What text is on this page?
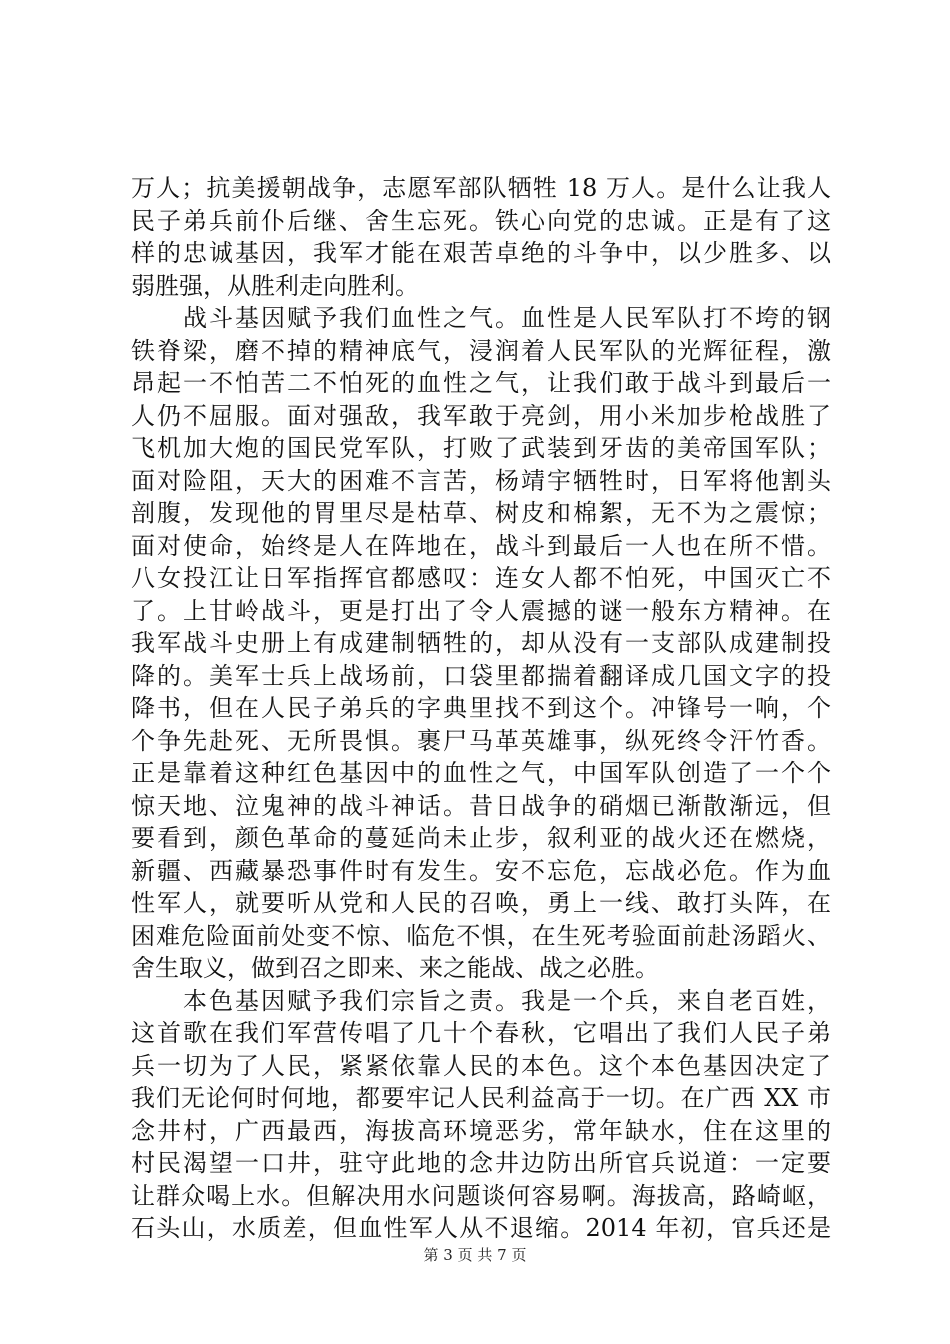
万人；抗美援朝战争，志愿军部队牺牲 18 万人。是什么让我人
民子弟兵前仆后继、舍生忘死。铁心向党的忠诚。正是有了这
样的忠诚基因，我军才能在艰苦卓绝的斗争中，以少胜多、以
弱胜强，从胜利走向胜利。
　　战斗基因赋予我们血性之气。血性是人民军队打不垮的钢
铁脊梁，磨不掉的精神底气，浸润着人民军队的光辉征程，激
昂起一不怕苦二不怕死的血性之气，让我们敢于战斗到最后一
人仍不屈服。面对强敌，我军敢于亮剑，用小米加步枪战胜了
飞机加大炮的国民党军队，打败了武装到牙齿的美帝国军队；
面对险阻，天大的困难不言苦，杨靖宇牺牲时，日军将他割头
剖腹，发现他的胃里尽是枯草、树皮和棉絮，无不为之震惊；
面对使命，始终是人在阵地在，战斗到最后一人也在所不惜。
八女投江让日军指挥官都感叹：连女人都不怕死，中国灭亡不
了。上甘岭战斗，更是打出了令人震撼的谜一般东方精神。在
我军战斗史册上有成建制牺牲的，却从没有一支部队成建制投
降的。美军士兵上战场前，口袋里都揣着翻译成几国文字的投
降书，但在人民子弟兵的字典里找不到这个。冲锋号一响，个
个争先赴死、无所畏惧。裹尸马革英雄事，纵死终令汗竹香。
正是靠着这种红色基因中的血性之气，中国军队创造了一个个
惊天地、泣鬼神的战斗神话。昔日战争的硝烟已渐散渐远，但
要看到，颜色革命的蔓延尚未止步，叙利亚的战火还在燃烧，
新疆、西藏暴恐事件时有发生。安不忘危，忘战必危。作为血
性军人，就要听从党和人民的召唤，勇上一线、敢打头阵，在
困难危险面前处变不惊、临危不惧，在生死考验面前赴汤蹈火、
舍生取义，做到召之即来、来之能战、战之必胜。
　　本色基因赋予我们宗旨之责。我是一个兵，来自老百姓，
这首歌在我们军营传唱了几十个春秋，它唱出了我们人民子弟
兵一切为了人民，紧紧依靠人民的本色。这个本色基因决定了
我们无论何时何地，都要牢记人民利益高于一切。在广西 XX 市
念井村，广西最西，海拔高环境恶劣，常年缺水，住在这里的
村民渴望一口井，驻守此地的念井边防出所官兵说道：一定要
让群众喝上水。但解决用水问题谈何容易啊。海拔高，路崎岖，
石头山，水质差，但血性军人从不退缩。2014 年初，官兵还是
第 3 页 共 7 页
